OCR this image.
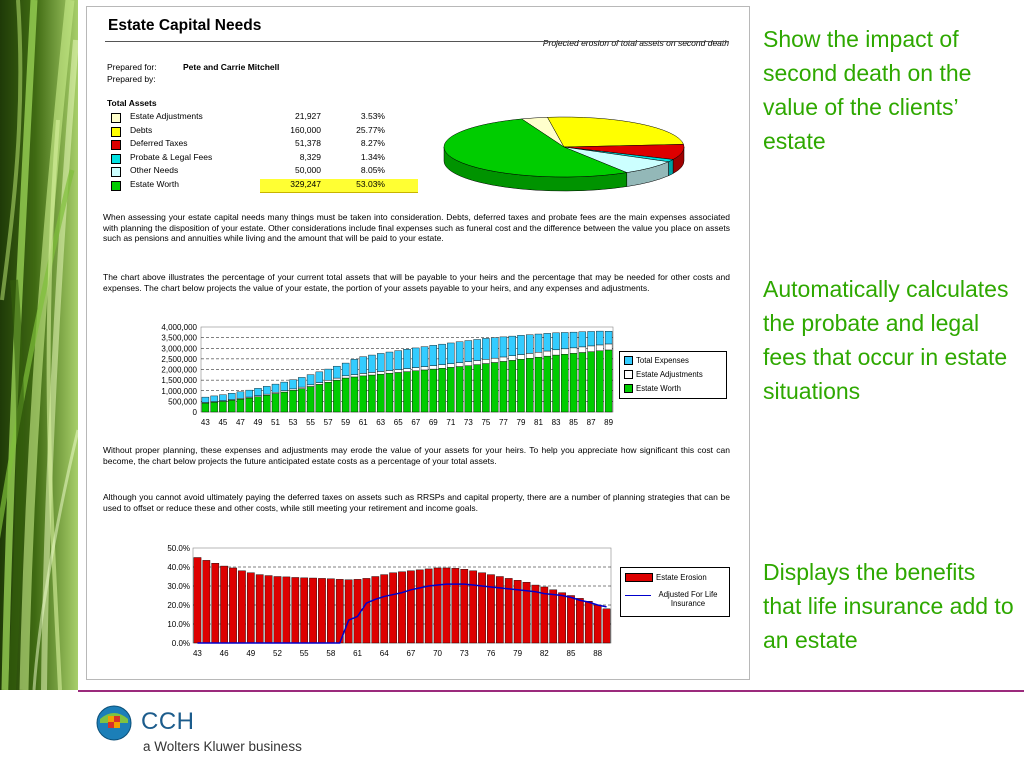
Estate Capital Needs
Projected erosion of total assets on second death
Prepared for:	Pete and Carrie Mitchell
Prepared by:
Total Assets
Estate Adjustments	21,927	3.53%
Debts	160,000	25.77%
Deferred Taxes	51,378	8.27%
Probate & Legal Fees	8,329	1.34%
Other Needs	50,000	8.05%
Estate Worth	329,247	53.03%
When assessing your estate capital needs many things must be taken into consideration. Debts, deferred taxes and probate fees are the main expenses associated with planning the disposition of your estate. Other considerations include final expenses such as funeral cost and the difference between the value you place on assets such as pensions and annuities while living and the amount that will be paid to your estate.
The chart above illustrates the percentage of your current total assets that will be payable to your heirs and the percentage that may be needed for other costs and expenses. The chart below projects the value of your estate, the portion of your assets payable to your heirs, and any expenses and adjustments.
0
500,000
1,000,000
1,500,000
2,000,000
2,500,000
3,000,000
3,500,000
4,000,000
43 45 47 49 51 53 55 57 59 61 63 65 67 69 71 73 75 77 79 81 83 85 87 89
Total Expenses
Estate Adjustments
Estate Worth
Without proper planning, these expenses and adjustments may erode the value of your assets for your heirs. To help you appreciate how significant this cost can become, the chart below projects the future anticipated estate costs as a percentage of your total assets.
Although you cannot avoid ultimately paying the deferred taxes on assets such as RRSPs and capital property, there are a number of planning strategies that can be used to offset or reduce these and other costs, while still meeting your retirement and income goals.
0.0%
10.0%
20.0%
30.0%
40.0%
50.0%
43 46 49 52 55 58 61 64 67 70 73 76 79 82 85 88
Estate Erosion
Adjusted For Life Insurance
Show the impact of second death on the value of the clients’ estate
Automatically calculates the probate and legal fees that occur in estate situations
Displays the benefits that life insurance add to an estate
CCH
a Wolters Kluwer business
